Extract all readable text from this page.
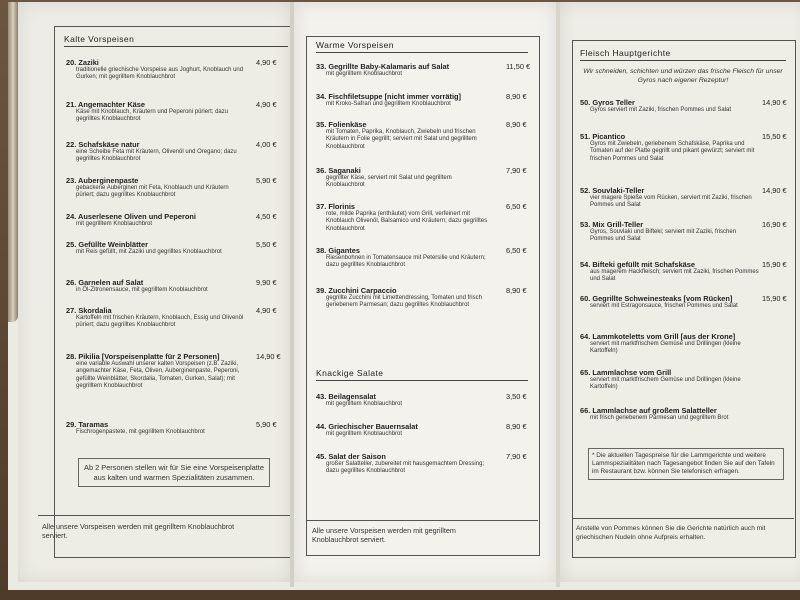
Kalte Vorspeisen
20. Zaziki
traditionelle griechische Vorspeise aus Joghurt, Knoblauch und Gurken; mit gegrilltem Knoblauchbrot
4,90 €
21. Angemachter Käse
Käse mit Knoblauch, Kräutern und Peperoni püriert; dazu gegrilltes Knoblauchbrot
4,90 €
22. Schafskäse natur
eine Scheibe Feta mit Kräutern, Olivenöl und Oregano; dazu gegrilltes Knoblauchbrot
4,00 €
23. Auberginenpaste
gebackene Auberginen mit Feta, Knoblauch und Kräutern püriert; dazu gegrilltes Knoblauchbrot
5,90 €
24. Auserlesene Oliven und Peperoni
mit gegrilltem Knoblauchbrot
4,50 €
25. Gefüllte Weinblätter
mit Reis gefüllt, mit Zaziki und gegrilltes Knoblauchbrot
5,50 €
26. Garnelen auf Salat
in Öl-Zitronensauce, mit gegrilltem Knoblauchbrot
9,90 €
27. Skordalia
Kartoffeln mit frischen Kräutern, Knoblauch, Essig und Olivenöl püriert; dazu gegrilltes Knoblauchbrot
4,90 €
28. Pikilia [Vorspeisenplatte für 2 Personen]
eine variable Auswahl unserer kalten Vorspeisen (z.B. Zaziki, angemachter Käse, Feta, Oliven, Auberginenpaste, Peperoni, gefüllte Weinblätter, Skordalia, Tomaten, Gurken, Salat); mit gegrilltem Knoblauchbrot
14,90 €
29. Taramas
Fischrogenpastete, mit gegrilltem Knoblauchbrot
5,90 €
Ab 2 Personen stellen wir für Sie eine Vorspeisenplatte aus kalten und warmen Spezialitäten zusammen.
Alle unsere Vorspeisen werden mit gegrilltem Knoblauchbrot serviert.
Warme Vorspeisen
33. Gegrillte Baby-Kalamaris auf Salat
mit gegrilltem Knoblauchbrot
11,50 €
34. Fischfiletsuppe [nicht immer vorrätig]
mit Kroko-Safran und gegrilltem Knoblauchbrot
8,90 €
35. Folienkäse
mit Tomaten, Paprika, Knoblauch, Zwiebeln und frischen Kräutern in Folie gegrillt; serviert mit Salat und gegrilltem Knoblauchbrot
8,90 €
36. Saganaki
gegrillter Käse, serviert mit Salat und gegrilltem Knoblauchbrot
7,90 €
37. Florinis
rote, milde Paprika (enthäutet) vom Grill, verfeinert mit Knoblauch Olivenöl, Balsamico und Kräutern; dazu gegrilltes Knoblauchbrot
6,50 €
38. Gigantes
Riesenbohnen in Tomatensauce mit Petersilie und Kräutern; dazu gegrilltes Knoblauchbrot
6,50 €
39. Zucchini Carpaccio
gegrillte Zucchini mit Limettendressing, Tomaten und frisch geriebenem Parmesan; dazu gegrilltes Knoblauchbrot
8,90 €
Knackige Salate
43. Beilagensalat
mit gegrilltem Knoblauchbrot
3,50 €
44. Griechischer Bauernsalat
mit gegrilltem Knoblauchbrot
8,90 €
45. Salat der Saison
großer Salatteller, zubereitet mit hausgemachtem Dressing; dazu gegrilltes Knoblauchbrot
7,90 €
Alle unsere Vorspeisen werden mit gegrilltem Knoblauchbrot serviert.
Fleisch Hauptgerichte
Wir schneiden, schichten und würzen das frische Fleisch für unser Gyros nach eigener Rezeptur!
50. Gyros Teller
Gyros serviert mit Zaziki, frischen Pommes und Salat
14,90 €
51. Picantico
Gyros mit Zwiebeln, geriebenem Schafskäse, Paprika und Tomaten auf der Platte gegrillt und pikant gewürzt; serviert mit frischen Pommes und Salat
15,50 €
52. Souvlaki-Teller
vier magere Spieße vom Rücken, serviert mit Zaziki, frischen Pommes und Salat
14,90 €
53. Mix Grill-Teller
Gyros, Souvlaki und Bifteki; serviert mit Zaziki, frischen Pommes und Salat
16,90 €
54. Bifteki gefüllt mit Schafskäse
aus magerem Hackfleisch; serviert mit Zaziki, frischen Pommes und Salat
15,90 €
60. Gegrillte Schweinesteaks [vom Rücken]
serviert mit Estragonsauce, frischen Pommes und Salat
15,90 €
64. Lammkoteletts vom Grill [aus der Krone]
serviert mit marktfrischem Gemüse und Drillingen (kleine Kartoffeln)
65. Lammlachse vom Grill
serviert mit marktfrischem Gemüse und Drillingen (kleine Kartoffeln)
66. Lammlachse auf großem Salatteller
mit frisch geriebenem Parmesan und gegrilltem Brot
* Die aktuellen Tagespreise für die Lammgerichte und weitere Lammspezialitäten nach Tagesangebot finden Sie auf den Tafeln im Restaurant bzw. können Sie telefonisch erfragen.
Anstelle von Pommes können Sie die Gerichte natürlich auch mit griechischen Nudeln ohne Aufpreis erhalten.
